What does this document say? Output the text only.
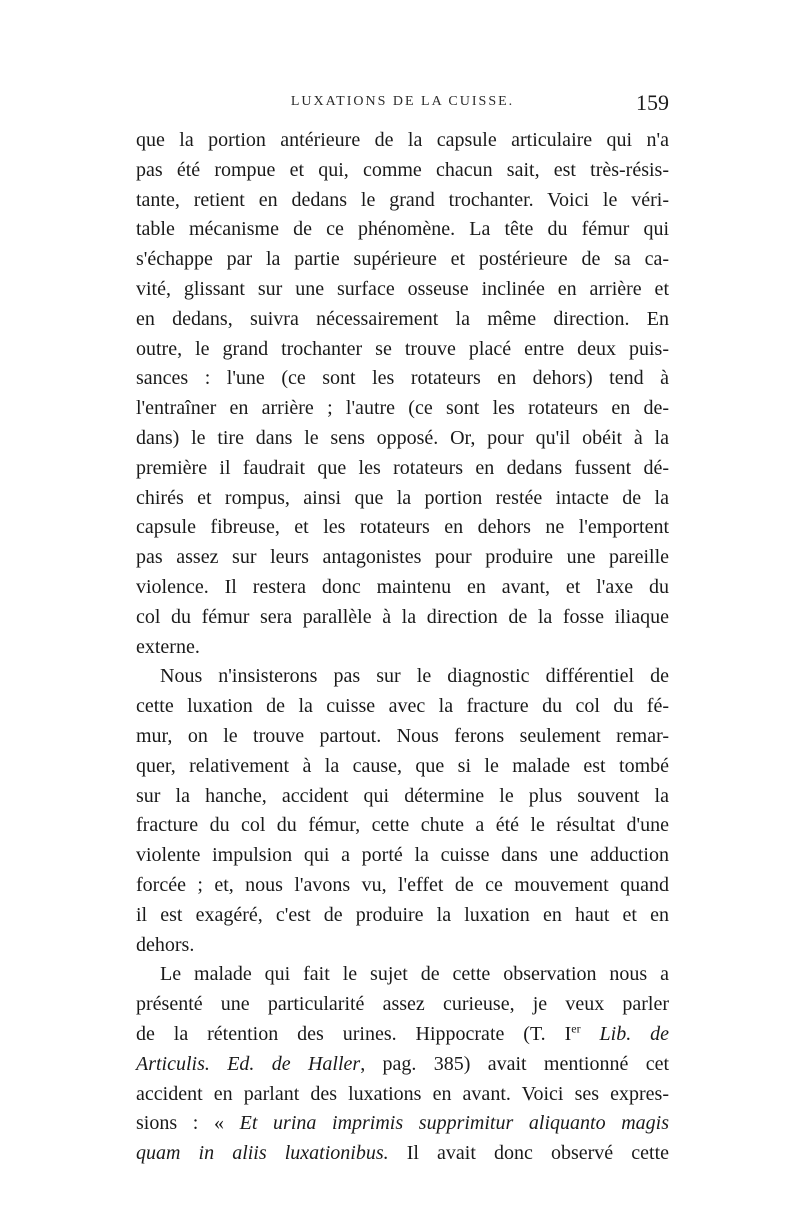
LUXATIONS DE LA CUISSE.	159

que la portion antérieure de la capsule articulaire qui n'a
pas été rompue et qui, comme chacun sait, est très-résis-
tante, retient en dedans le grand trochanter. Voici le véri-
table mécanisme de ce phénomène. La tête du fémur qui
s'échappe par la partie supérieure et postérieure de sa ca-
vité, glissant sur une surface osseuse inclinée en arrière et
en dedans, suivra nécessairement la même direction. En
outre, le grand trochanter se trouve placé entre deux puis-
sances : l'une (ce sont les rotateurs en dehors) tend à
l'entraîner en arrière ; l'autre (ce sont les rotateurs en de-
dans) le tire dans le sens opposé. Or, pour qu'il obéit à la
première il faudrait que les rotateurs en dedans fussent dé-
chirés et rompus, ainsi que la portion restée intacte de la
capsule fibreuse, et les rotateurs en dehors ne l'emportent
pas assez sur leurs antagonistes pour produire une pareille
violence. Il restera donc maintenu en avant, et l'axe du
col du fémur sera parallèle à la direction de la fosse iliaque
externe.

Nous n'insisterons pas sur le diagnostic différentiel de
cette luxation de la cuisse avec la fracture du col du fé-
mur, on le trouve partout. Nous ferons seulement remar-
quer, relativement à la cause, que si le malade est tombé
sur la hanche, accident qui détermine le plus souvent la
fracture du col du fémur, cette chute a été le résultat d'une
violente impulsion qui a porté la cuisse dans une adduction
forcée ; et, nous l'avons vu, l'effet de ce mouvement quand
il est exagéré, c'est de produire la luxation en haut et en
dehors.

Le malade qui fait le sujet de cette observation nous a
présenté une particularité assez curieuse, je veux parler
de la rétention des urines. Hippocrate (T. Ier Lib. de
Articulis. Ed. de Haller, pag. 385) avait mentionné cet
accident en parlant des luxations en avant. Voici ses expres-
sions : « Et urina imprimis supprimitur aliquanto magis
quam in aliis luxationibus. Il avait donc observé cette
